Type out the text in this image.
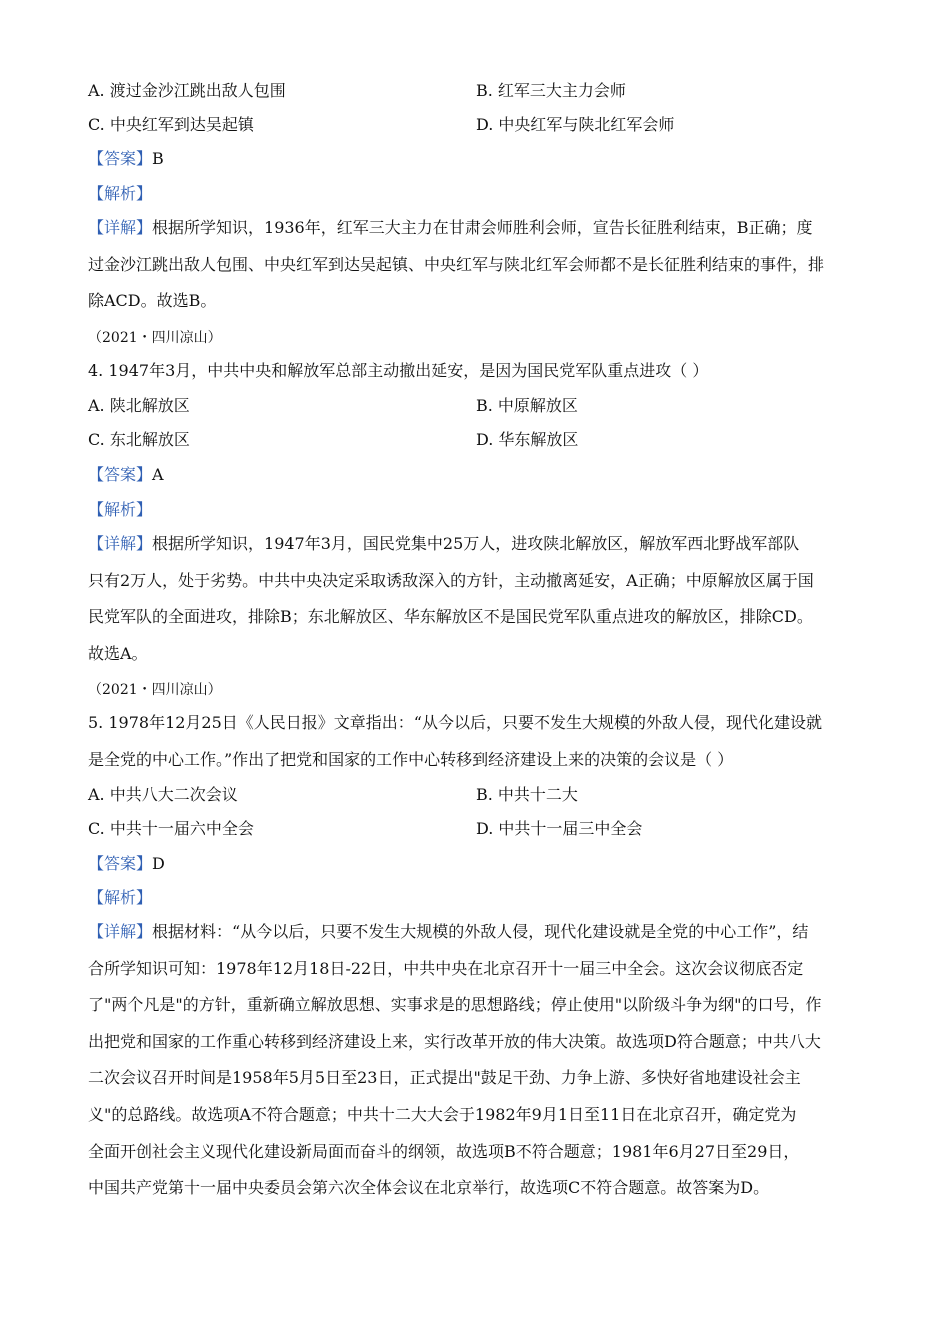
A. 渡过金沙江跳出敌人包围	B. 红军三大主力会师
C. 中央红军到达吴起镇	D. 中央红军与陕北红军会师
【答案】B
【解析】

【详解】根据所学知识，1936年，红军三大主力在甘肃会师胜利会师，宣告长征胜利结束，B正确；度

过金沙江跳出敌人包围、中央红军到达吴起镇、中央红军与陕北红军会师都不是长征胜利结束的事件，排

除ACD。故选B。

（2021・四川凉山）
4. 1947年3月，中共中央和解放军总部主动撤出延安，是因为国民党军队重点进攻（ ）
A. 陕北解放区	B. 中原解放区
C. 东北解放区	D. 华东解放区
【答案】A
【解析】

【详解】根据所学知识，1947年3月，国民党集中25万人，进攻陕北解放区，解放军西北野战军部队

只有2万人，处于劣势。中共中央决定采取诱敌深入的方针，主动撤离延安，A正确；中原解放区属于国

民党军队的全面进攻，排除B；东北解放区、华东解放区不是国民党军队重点进攻的解放区，排除CD。

故选A。

（2021・四川凉山）

5. 1978年12月25日《人民日报》文章指出：“从今以后，只要不发生大规模的外敌人侵，现代化建设就

是全党的中心工作。”作出了把党和国家的工作中心转移到经济建设上来的决策的会议是（ ）

A. 中共八大二次会议	B. 中共十二大
C. 中共十一届六中全会	D. 中共十一届三中全会
【答案】D
【解析】

【详解】根据材料：“从今以后，只要不发生大规模的外敌人侵，现代化建设就是全党的中心工作”，结

合所学知识可知：1978年12月18日-22日，中共中央在北京召开十一届三中全会。这次会议彻底否定

了"两个凡是"的方针，重新确立解放思想、实事求是的思想路线；停止使用"以阶级斗争为纲"的口号，作

出把党和国家的工作重心转移到经济建设上来，实行改革开放的伟大决策。故选项D符合题意；中共八大

二次会议召开时间是1958年5月5日至23日，正式提出"鼓足干劲、力争上游、多快好省地建设社会主

义"的总路线。故选项A不符合题意；中共十二大大会于1982年9月1日至11日在北京召开，确定党为

全面开创社会主义现代化建设新局面而奋斗的纲领，故选项B不符合题意；1981年6月27日至29日，

中国共产党第十一届中央委员会第六次全体会议在北京举行，故选项C不符合题意。故答案为D。
